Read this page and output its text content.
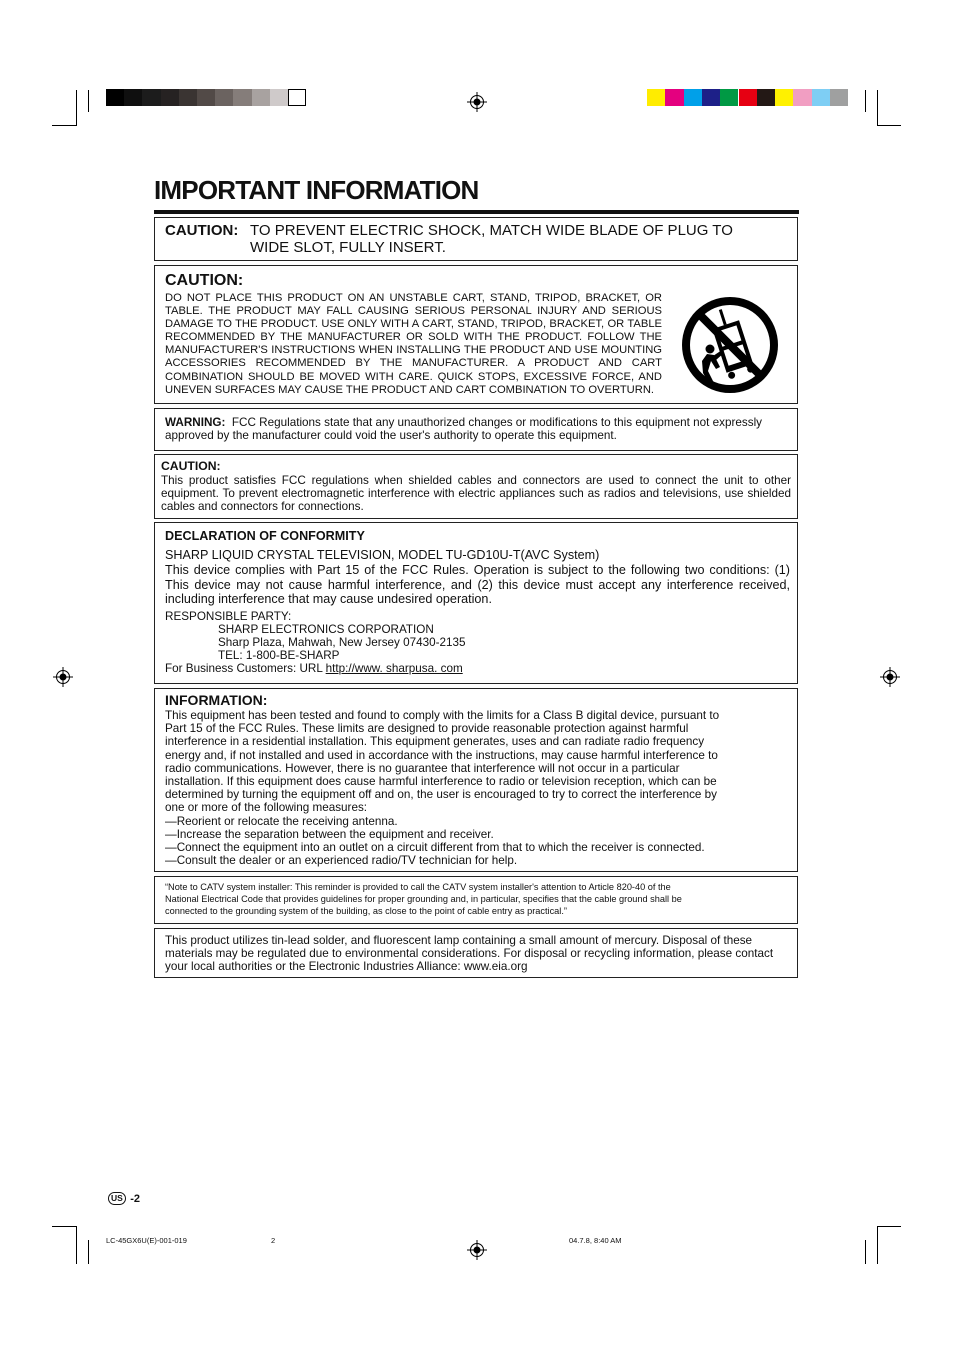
IMPORTANT INFORMATION
CAUTION: TO PREVENT ELECTRIC SHOCK, MATCH WIDE BLADE OF PLUG TO
WIDE SLOT, FULLY INSERT.
CAUTION:

DO NOT PLACE THIS PRODUCT ON AN UNSTABLE CART, STAND, TRIPOD, BRACKET, OR TABLE. THE PRODUCT MAY FALL CAUSING SERIOUS PERSONAL INJURY AND SERIOUS DAMAGE TO THE PRODUCT. USE ONLY WITH A CART, STAND, TRIPOD, BRACKET, OR TABLE RECOMMENDED BY THE MANUFACTURER OR SOLD WITH THE PRODUCT. FOLLOW THE MANUFACTURER'S INSTRUCTIONS WHEN INSTALLING THE PRODUCT AND USE MOUNTING ACCESSORIES RECOMMENDED BY THE MANUFACTURER. A PRODUCT AND CART COMBINATION SHOULD BE MOVED WITH CARE. QUICK STOPS, EXCESSIVE FORCE, AND UNEVEN SURFACES MAY CAUSE THE PRODUCT AND CART COMBINATION TO OVERTURN.

WARNING: FCC Regulations state that any unauthorized changes or modifications to this equipment not expressly approved by the manufacturer could void the user's authority to operate this equipment.

CAUTION:

This product satisfies FCC regulations when shielded cables and connectors are used to connect the unit to other equipment. To prevent electromagnetic interference with electric appliances such as radios and televisions, use shielded cables and connectors for connections.

DECLARATION OF CONFORMITY
SHARP LIQUID CRYSTAL TELEVISION, MODEL TU-GD10U-T(AVC System)

This device complies with Part 15 of the FCC Rules. Operation is subject to the following two conditions: (1) This device may not cause harmful interference, and (2) this device must accept any interference received, including interference that may cause undesired operation.

RESPONSIBLE PARTY:
SHARP ELECTRONICS CORPORATION
Sharp Plaza, Mahwah, New Jersey 07430-2135
TEL: 1-800-BE-SHARP
For Business Customers: URL http://www. sharpusa. com
INFORMATION:
This equipment has been tested and found to comply with the limits for a Class B digital device, pursuant to
Part 15 of the FCC Rules. These limits are designed to provide reasonable protection against harmful
interference in a residential installation. This equipment generates, uses and can radiate radio frequency
energy and, if not installed and used in accordance with the instructions, may cause harmful interference to
radio communications. However, there is no guarantee that interference will not occur in a particular
installation. If this equipment does cause harmful interference to radio or television reception, which can be
determined by turning the equipment off and on, the user is encouraged to try to correct the interference by
one or more of the following measures:
—Reorient or relocate the receiving antenna.
—Increase the separation between the equipment and receiver.
—Connect the equipment into an outlet on a circuit different from that to which the receiver is connected.
—Consult the dealer or an experienced radio/TV technician for help.
“Note to CATV system installer: This reminder is provided to call the CATV system installer's attention to Article 820-40 of the
National Electrical Code that provides guidelines for proper grounding and, in particular, specifies that the cable ground shall be
connected to the grounding system of the building, as close to the point of cable entry as practical.”
This product utilizes tin-lead solder, and fluorescent lamp containing a small amount of mercury. Disposal of these
materials may be regulated due to environmental considerations. For disposal or recycling information, please contact
your local authorities or the Electronic Industries Alliance: www.eia.org
US -2
LC-45GX6U(E)-001-019	2	04.7.8, 8:40 AM
